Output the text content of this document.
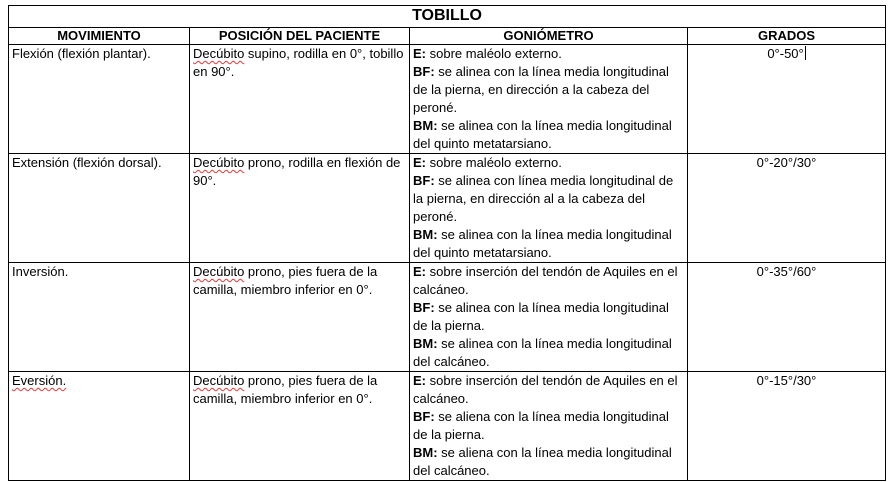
TOBILLO			
MOVIMIENTO	POSICIÓN DEL PACIENTE	GONIÓMETRO	GRADOS
Flexión (flexión plantar).	Decúbito supino, rodilla en 0°, tobillo en 90°.	E: sobre maléolo externo.
BF: se alinea con la línea media longitudinal de la pierna, en dirección a la cabeza del peroné.
BM: se alinea con la línea media longitudinal del quinto metatarsiano.	0°-50°
Extensión (flexión dorsal).	Decúbito prono, rodilla en flexión de 90°.	E: sobre maléolo externo.
BF: se alinea con línea media longitudinal de la pierna, en dirección al a la cabeza del peroné.
BM: se alinea con la línea media longitudinal del quinto metatarsiano.	0°-20°/30°
Inversión.	Decúbito prono, pies fuera de la camilla, miembro inferior en 0°.	E: sobre inserción del tendón de Aquiles en el calcáneo.
BF: se alinea con la línea media longitudinal de la pierna.
BM: se alinea con la línea media longitudinal del calcáneo.	0°-35°/60°
Eversión.	Decúbito prono, pies fuera de la camilla, miembro inferior en 0°.	E: sobre inserción del tendón de Aquiles en el calcáneo.
BF: se aliena con la línea media longitudinal de la pierna.
BM: se aliena con la línea media longitudinal del calcáneo.	0°-15°/30°
